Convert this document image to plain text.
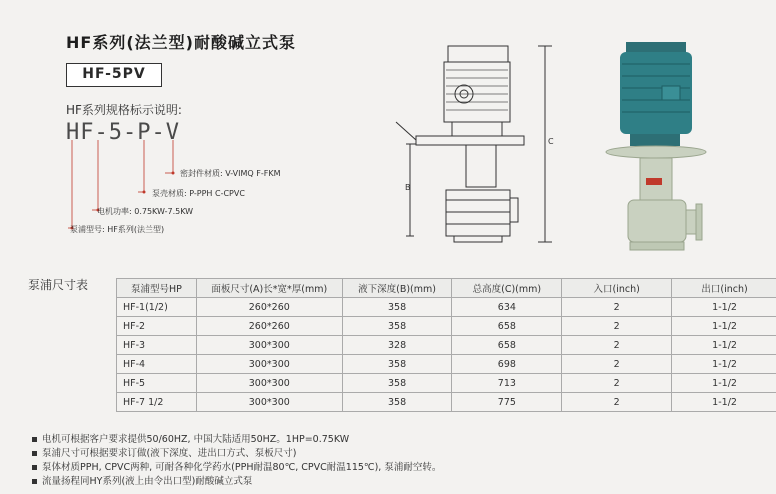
HF系列(法兰型)耐酸碱立式泵
HF-5PV
HF系列规格标示说明:
HF-5-P-V
密封件材质: V-VIMQ F-FKM
泵壳材质: P-PPH C-CPVC
电机功率: 0.75KW-7.5KW
泵浦型号: HF系列(法兰型)
B
C
泵浦尺寸表	泵浦型号HP	面板尺寸(A)长*宽*厚(mm)	液下深度(B)(mm)	总高度(C)(mm)	入口(inch)	出口(inch)
HF-1(1/2)	260*260	358	634	2	1-1/2
HF-2	260*260	358	658	2	1-1/2
HF-3	300*300	328	658	2	1-1/2
HF-4	300*300	358	698	2	1-1/2
HF-5	300*300	358	713	2	1-1/2
HF-7 1/2	300*300	358	775	2	1-1/2
电机可根据客户要求提供50/60HZ, 中国大陆适用50HZ。1HP=0.75KW
泵浦尺寸可根据要求订做(液下深度、进出口方式、泵板尺寸)
泵体材质PPH, CPVC两种, 可耐各种化学药水(PPH耐温80℃, CPVC耐温115℃), 泵浦耐空转。
流量扬程同HY系列(液上由令出口型)耐酸碱立式泵
